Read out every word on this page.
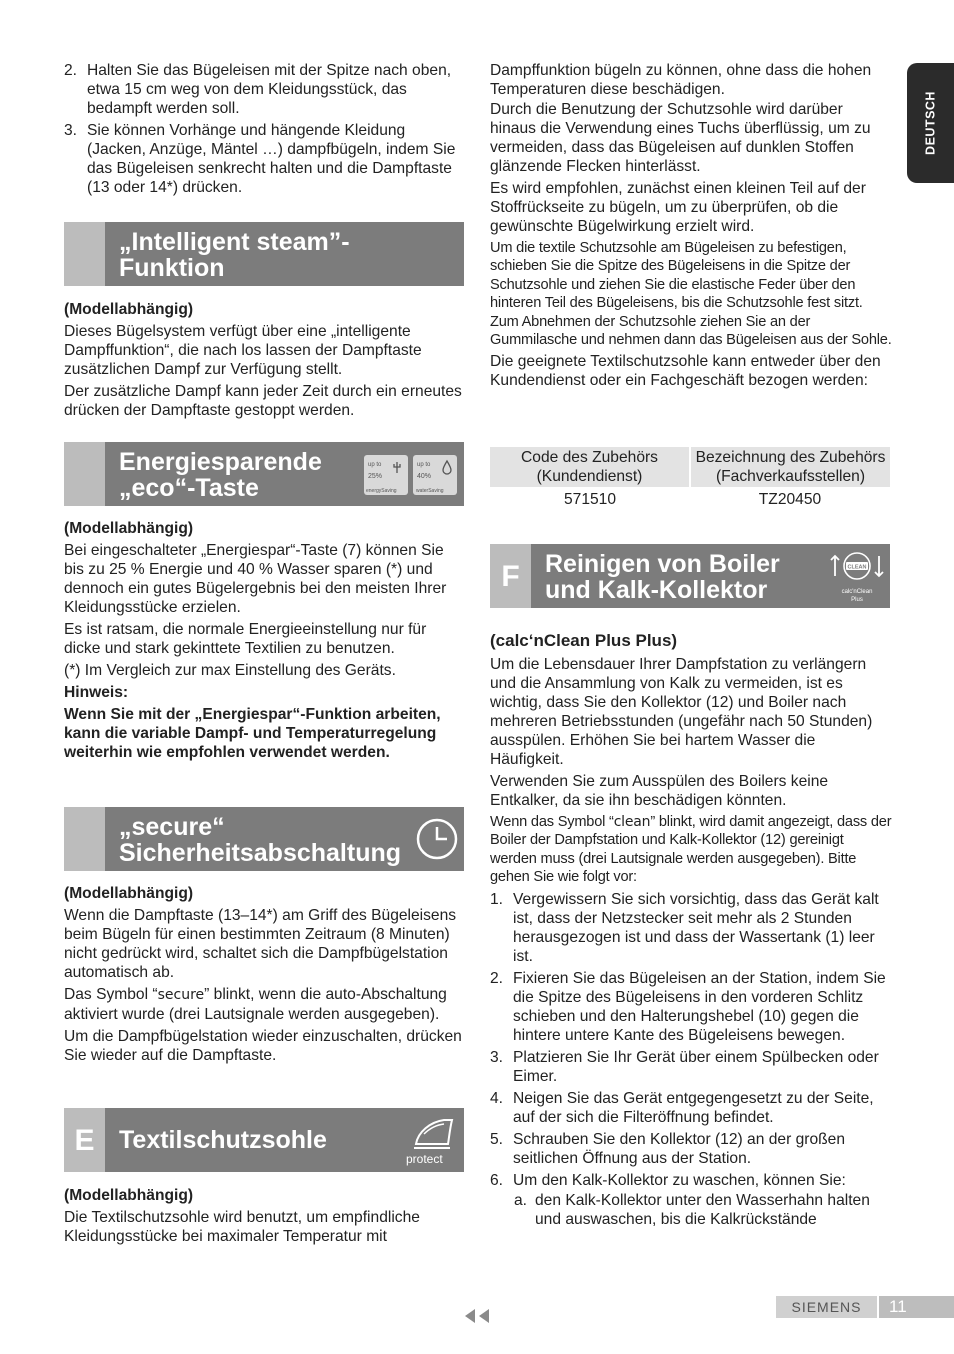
DEUTSCH
2. Halten Sie das Bügeleisen mit der Spitze nach oben, etwa 15 cm weg von dem Kleidungsstück, das bedampft werden soll.
3. Sie können Vorhänge und hängende Kleidung (Jacken, Anzüge, Mäntel …) dampfbügeln, indem Sie das Bügeleisen senkrecht halten und die Dampftaste (13 oder 14*) drücken.
„Intelligent steam”-Funktion

(Modellabhängig)

Dieses Bügelsystem verfügt über eine „intelligente Dampffunktion“, die nach los lassen der Dampftaste zusätzlichen Dampf zur Verfügung stellt.

Der zusätzliche Dampf kann jeder Zeit durch ein erneutes drücken der Dampftaste gestoppt werden.

Energiesparende „eco“-Taste
up to
25%
energySaving
up to
40%
waterSaving

(Modellabhängig)

Bei eingeschalteter „Energiespar“-Taste (7) können Sie bis zu 25 % Energie und 40 % Wasser sparen (*) und dennoch ein gutes Bügelergebnis bei den meisten Ihrer Kleidungsstücke erzielen.

Es ist ratsam, die normale Energieeinstellung nur für dicke und stark gekinttete Textilien zu benutzen.

(*) Im Vergleich zur max Einstellung des Geräts.

Hinweis:

Wenn Sie mit der „Energiespar“-Funktion arbeiten, kann die variable Dampf- und Temperaturregelung weiterhin wie empfohlen verwendet werden.

„secure“ Sicherheitsabschaltung

(Modellabhängig)

Wenn die Dampftaste (13–14*) am Griff des Bügeleisens beim Bügeln für einen bestimmten Zeitraum (8 Minuten) nicht gedrückt wird, schaltet sich die Dampfbügelstation automatisch ab.

Das Symbol “secure” blinkt, wenn die auto-Abschaltung aktiviert wurde (drei Lautsignale werden ausgegeben).

Um die Dampfbügelstation wieder einzuschalten, drücken Sie wieder auf die Dampftaste.

E Textilschutzsohle
protect

(Modellabhängig)

Die Textilschutzsohle wird benutzt, um empfindliche Kleidungsstücke bei maximaler Temperatur mit

Dampffunktion bügeln zu können, ohne dass die hohen Temperaturen diese beschädigen.

Durch die Benutzung der Schutzsohle wird darüber hinaus die Verwendung eines Tuchs überflüssig, um zu vermeiden, dass das Bügeleisen auf dunklen Stoffen glänzende Flecken hinterlässt.

Es wird empfohlen, zunächst einen kleinen Teil auf der Stoffrückseite zu bügeln, um zu überprüfen, ob die gewünschte Bügelwirkung erzielt wird.

Um die textile Schutzsohle am Bügeleisen zu befestigen, schieben Sie die Spitze des Bügeleisens in die Spitze der Schutzsohle und ziehen Sie die elastische Feder über den hinteren Teil des Bügeleisens, bis die Schutzsohle fest sitzt. Zum Abnehmen der Schutzsohle ziehen Sie an der Gummilasche und nehmen dann das Bügeleisen aus der Sohle.

Die geeignete Textilschutzsohle kann entweder über den Kundendienst oder ein Fachgeschäft bezogen werden:

Code des Zubehörs (Kundendienst)	Bezeichnung des Zubehörs (Fachverkaufsstellen)
571510	TZ20450
F	Reinigen von Boiler und Kalk-Kollektor
CLEAN
calc'nClean
Plus

(calc‘nClean Plus Plus)

Um die Lebensdauer Ihrer Dampfstation zu verlängern und die Ansammlung von Kalk zu vermeiden, ist es wichtig, dass Sie den Kollektor (12) und Boiler nach mehreren Betriebsstunden (ungefähr nach 50 Stunden) ausspülen. Erhöhen Sie bei hartem Wasser die Häufigkeit.

Verwenden Sie zum Ausspülen des Boilers keine Entkalker, da sie ihn beschädigen könnten.

Wenn das Symbol “clean” blinkt, wird damit angezeigt, dass der Boiler der Dampfstation und Kalk-Kollektor (12) gereinigt werden muss (drei Lautsignale werden ausgegeben). Bitte gehen Sie wie folgt vor:

1. Vergewissern Sie sich vorsichtig, dass das Gerät kalt ist, dass der Netzstecker seit mehr als 2 Stunden herausgezogen ist und dass der Wassertank (1) leer ist.
2. Fixieren Sie das Bügeleisen an der Station, indem Sie die Spitze des Bügeleisens in den vorderen Schlitz schieben und den Halterungshebel (10) gegen die hintere untere Kante des Bügeleisens bewegen.
3. Platzieren Sie Ihr Gerät über einem Spülbecken oder Eimer.
4. Neigen Sie das Gerät entgegengesetzt zu der Seite, auf der sich die Filteröffnung befindet.
5. Schrauben Sie den Kollektor (12) an der großen seitlichen Öffnung aus der Station.
6. Um den Kalk-Kollektor zu waschen, können Sie:
a. den Kalk-Kollektor unter den Wasserhahn halten und auswaschen, bis die Kalkrückstände
SIEMENS	11
